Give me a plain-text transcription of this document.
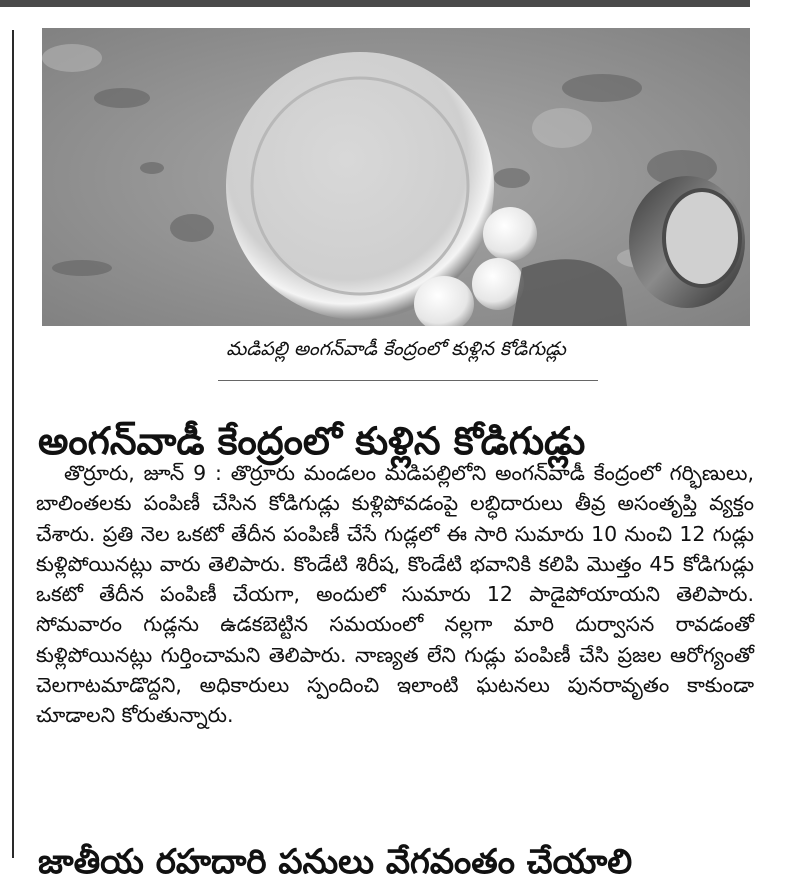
మడిపల్లి అంగన్‌వాడీ కేంద్రంలో కుళ్లిన కోడిగుడ్లు
అంగన్‌వాడీ కేంద్రంలో కుళ్లిన కోడిగుడ్లు

తొర్రూరు, జూన్ 9 : తొర్రూరు మండలం మడిపల్లిలోని అంగన్‌వాడీ కేంద్రంలో గర్భిణులు, బాలింతలకు పంపిణీ చేసిన కోడిగుడ్లు కుళ్లిపోవడంపై లబ్ధిదారులు తీవ్ర అసంతృప్తి వ్యక్తం చేశారు. ప్రతి నెల ఒకటో తేదీన పంపిణీ చేసే గుడ్లలో ఈ సారి సుమారు 10 నుంచి 12 గుడ్లు కుళ్లిపోయినట్లు వారు తెలిపారు. కొండేటి శిరీష, కొండేటి భవానికి కలిపి మొత్తం 45 కోడిగుడ్లు ఒకటో తేదీన పంపిణీ చేయగా, అందులో సుమారు 12 పాడైపోయాయని తెలిపారు. సోమవారం గుడ్లను ఉడకబెట్టిన సమయంలో నల్లగా మారి దుర్వాసన రావడంతో కుళ్లిపోయినట్లు గుర్తించామని తెలిపారు. నాణ్యత లేని గుడ్లు పంపిణీ చేసి ప్రజల ఆరోగ్యంతో చెలగాటమాడొద్దని, అధికారులు స్పందించి ఇలాంటి ఘటనలు పునరావృతం కాకుండా చూడాలని కోరుతున్నారు.

జాతీయ రహదారి పనులు వేగవంతం చేయాలి
